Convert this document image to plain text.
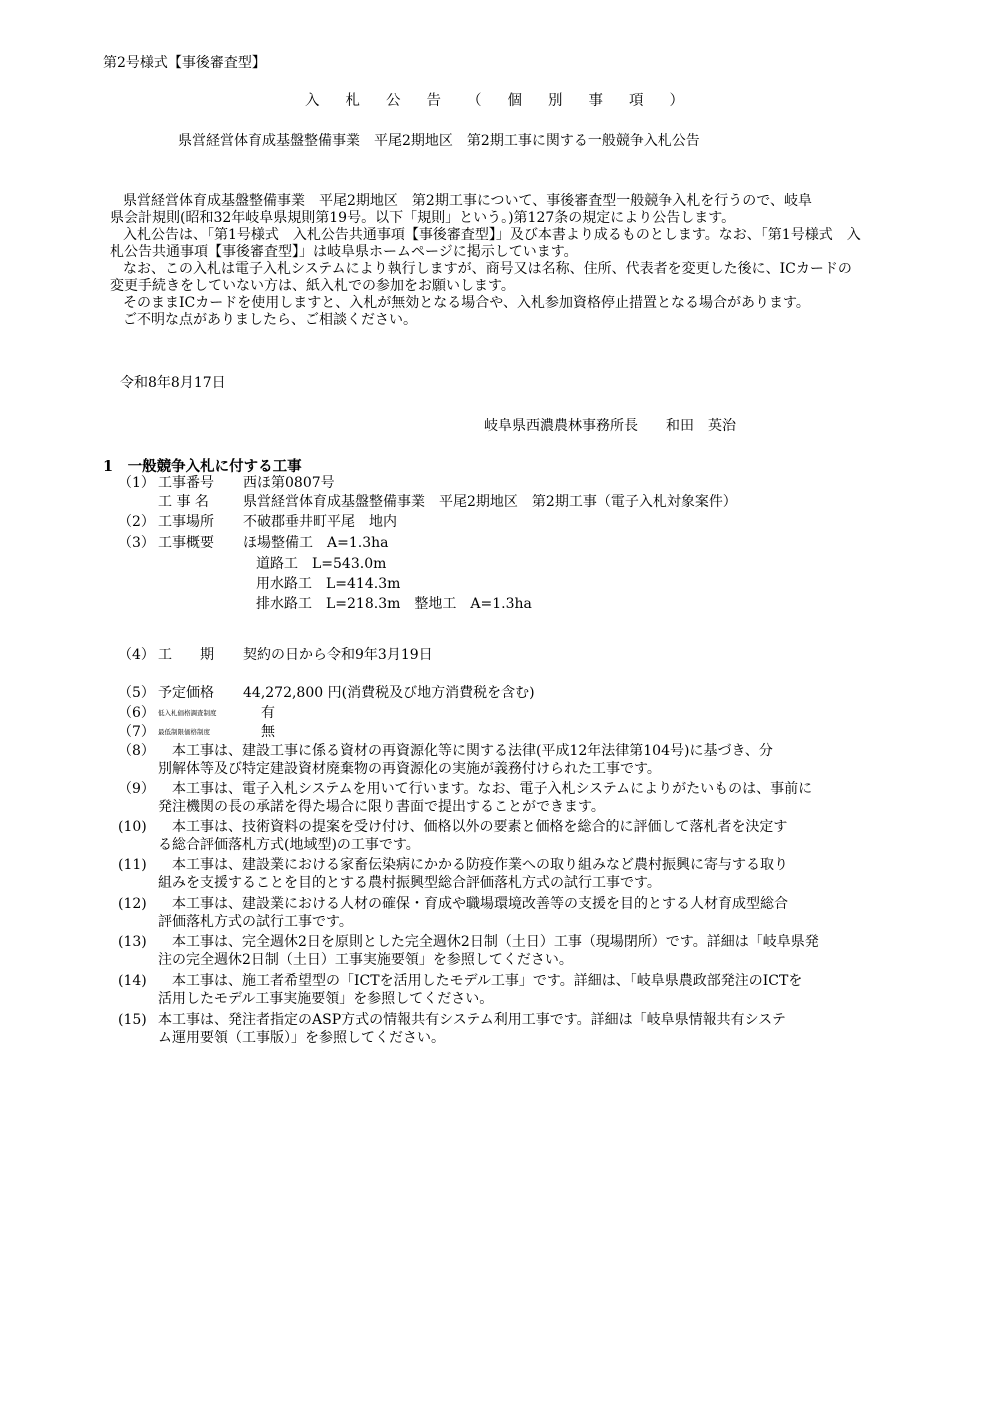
第2号様式【事後審査型】
入札公告（個別事項）
県営経営体育成基盤整備事業　平尾2期地区　第2期工事に関する一般競争入札公告
県営経営体育成基盤整備事業　平尾2期地区　第2期工事について、事後審査型一般競争入札を行うので、岐阜
県会計規則(昭和32年岐阜県規則第19号。以下「規則」という。)第127条の規定により公告します。
入札公告は、「第1号様式　入札公告共通事項【事後審査型】」及び本書より成るものとします。なお、「第1号様式　入
札公告共通事項【事後審査型】」は岐阜県ホームページに掲示しています。
なお、この入札は電子入札システムにより執行しますが、商号又は名称、住所、代表者を変更した後に、ICカードの
変更手続きをしていない方は、紙入札での参加をお願いします。
そのままICカードを使用しますと、入札が無効となる場合や、入札参加資格停止措置となる場合があります。
ご不明な点がありましたら、ご相談ください。
令和8年8月17日
岐阜県西濃農林事務所長　　和田　英治
1　一般競争入札に付する工事
（1） 工事番号 西ほ第0807号
工 事 名 県営経営体育成基盤整備事業　平尾2期地区　第2期工事（電子入札対象案件）
（2） 工事場所 不破郡垂井町平尾　地内
（3） 工事概要 ほ場整備工　A=1.3ha
道路工　L=543.0m
用水路工　L=414.3m
排水路工　L=218.3m　整地工　A=1.3ha
（4） 工 期 契約の日から令和9年3月19日
（5） 予定価格 44,272,800 円(消費税及び地方消費税を含む)
（6） 低入札価格調査制度	有
（7） 最低制限価格制度	無
（8） 　本工事は、建設工事に係る資材の再資源化等に関する法律(平成12年法律第104号)に基づき、分
別解体等及び特定建設資材廃棄物の再資源化の実施が義務付けられた工事です。
（9） 　本工事は、電子入札システムを用いて行います。なお、電子入札システムによりがたいものは、事前に
発注機関の長の承諾を得た場合に限り書面で提出することができます。
(10) 　本工事は、技術資料の提案を受け付け、価格以外の要素と価格を総合的に評価して落札者を決定す
る総合評価落札方式(地域型)の工事です。
(11) 　本工事は、建設業における家畜伝染病にかかる防疫作業への取り組みなど農村振興に寄与する取り
組みを支援することを目的とする農村振興型総合評価落札方式の試行工事です。
(12) 　本工事は、建設業における人材の確保・育成や職場環境改善等の支援を目的とする人材育成型総合
評価落札方式の試行工事です。
(13) 　本工事は、完全週休2日を原則とした完全週休2日制（土日）工事（現場閉所）です。詳細は「岐阜県発
注の完全週休2日制（土日）工事実施要領」を参照してください。
(14) 　本工事は、施工者希望型の「ICTを活用したモデル工事」です。詳細は、「岐阜県農政部発注のICTを
活用したモデル工事実施要領」を参照してください。
(15) 本工事は、発注者指定のASP方式の情報共有システム利用工事です。詳細は「岐阜県情報共有システ
ム運用要領（工事版）」を参照してください。
